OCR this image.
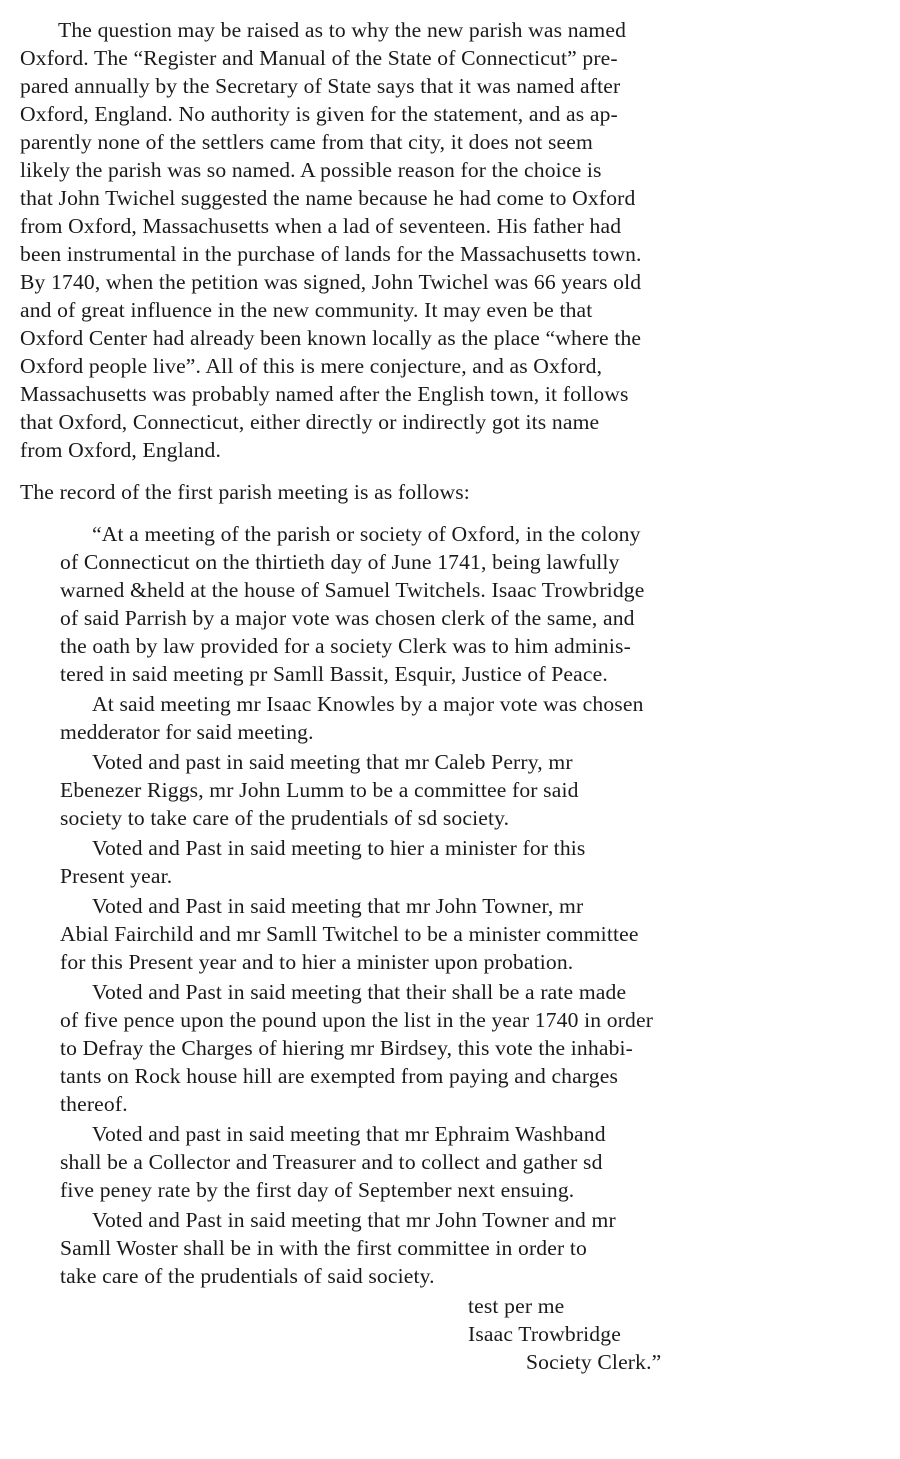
The question may be raised as to why the new parish was named
Oxford. The “Register and Manual of the State of Connecticut” pre-
pared annually by the Secretary of State says that it was named after
Oxford, England. No authority is given for the statement, and as ap-
parently none of the settlers came from that city, it does not seem
likely the parish was so named. A possible reason for the choice is
that John Twichel suggested the name because he had come to Oxford
from Oxford, Massachusetts when a lad of seventeen. His father had
been instrumental in the purchase of lands for the Massachusetts town.
By 1740, when the petition was signed, John Twichel was 66 years old
and of great influence in the new community. It may even be that
Oxford Center had already been known locally as the place “where the
Oxford people live”. All of this is mere conjecture, and as Oxford,
Massachusetts was probably named after the English town, it follows
that Oxford, Connecticut, either directly or indirectly got its name
from Oxford, England.
The record of the first parish meeting is as follows:
“At a meeting of the parish or society of Oxford, in the colony
of Connecticut on the thirtieth day of June 1741, being lawfully
warned &held at the house of Samuel Twitchels. Isaac Trowbridge
of said Parrish by a major vote was chosen clerk of the same, and
the oath by law provided for a society Clerk was to him adminis-
tered in said meeting pr Samll Bassit, Esquir, Justice of Peace.
At said meeting mr Isaac Knowles by a major vote was chosen
medderator for said meeting.
Voted and past in said meeting that mr Caleb Perry, mr
Ebenezer Riggs, mr John Lumm to be a committee for said
society to take care of the prudentials of sd society.
Voted and Past in said meeting to hier a minister for this
Present year.
Voted and Past in said meeting that mr John Towner, mr
Abial Fairchild and mr Samll Twitchel to be a minister committee
for this Present year and to hier a minister upon probation.
Voted and Past in said meeting that their shall be a rate made
of five pence upon the pound upon the list in the year 1740 in order
to Defray the Charges of hiering mr Birdsey, this vote the inhabi-
tants on Rock house hill are exempted from paying and charges
thereof.
Voted and past in said meeting that mr Ephraim Washband
shall be a Collector and Treasurer and to collect and gather sd
five peney rate by the first day of September next ensuing.
Voted and Past in said meeting that mr John Towner and mr
Samll Woster shall be in with the first committee in order to
take care of the prudentials of said society.
test per me
Isaac Trowbridge
Society Clerk.”
